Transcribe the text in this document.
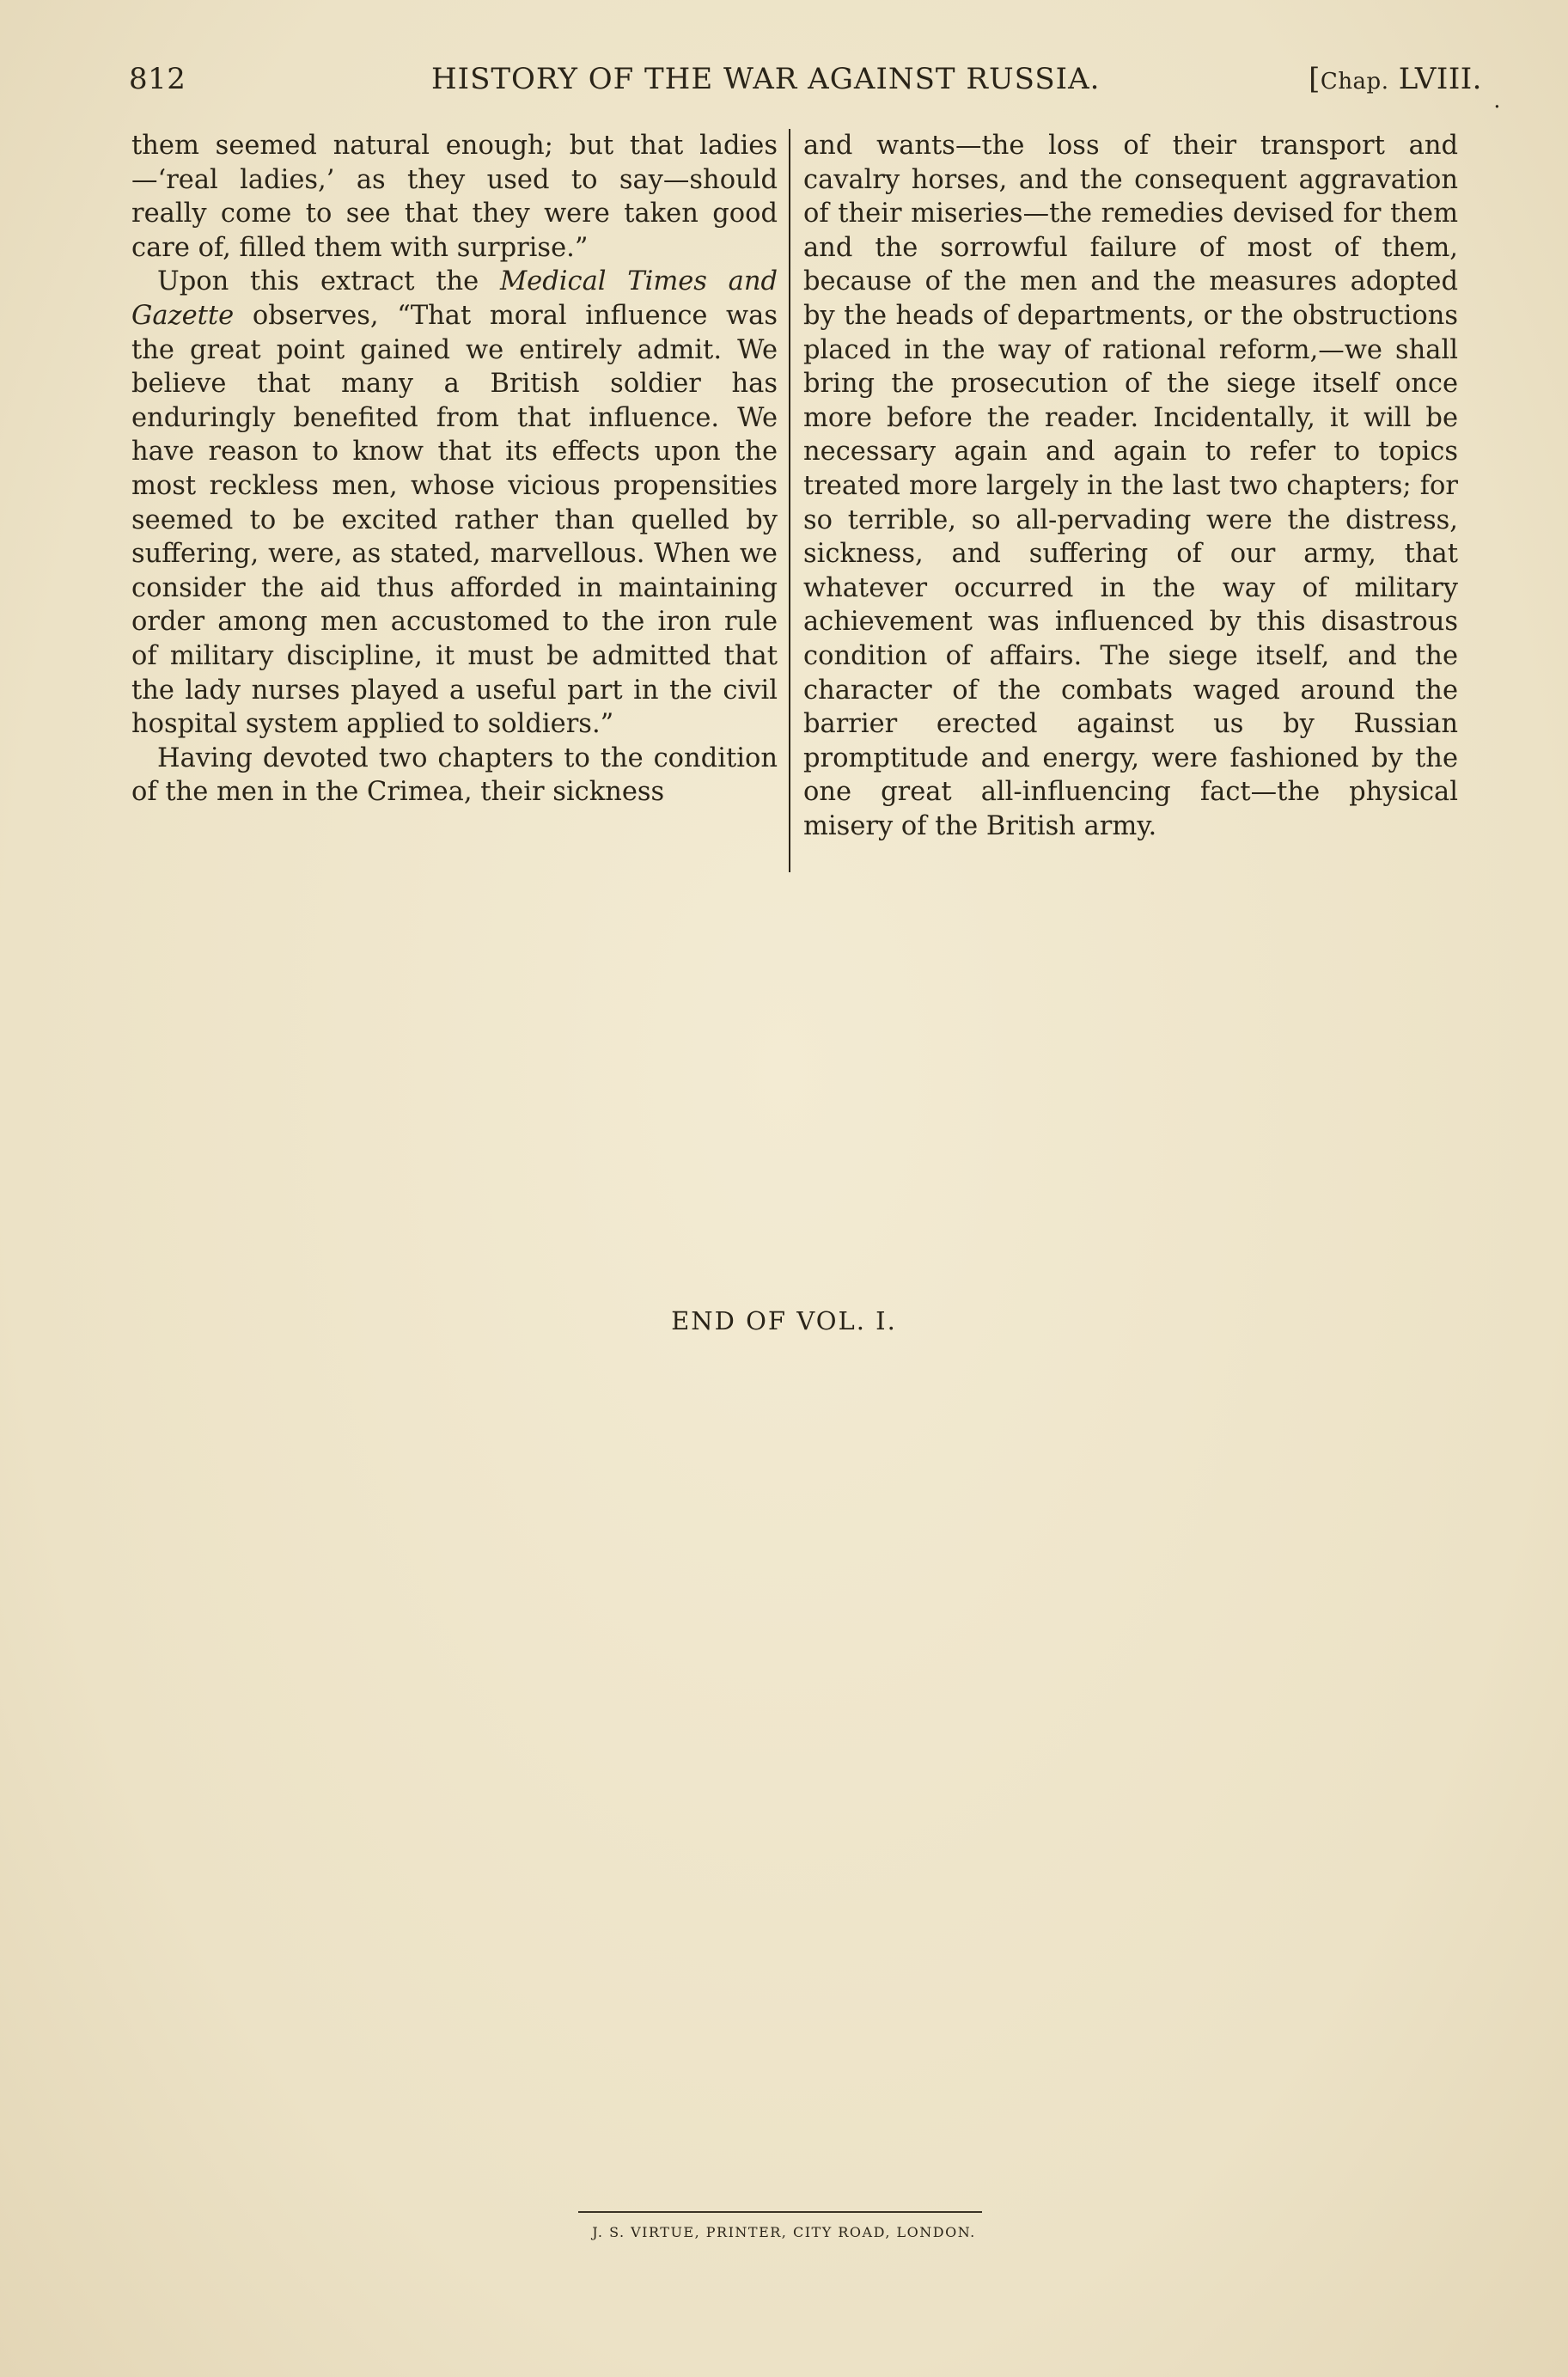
812	HISTORY OF THE WAR AGAINST RUSSIA.	[Chap. LVIII.
.

them seemed natural enough; but that ladies —‘real ladies,’ as they used to say—should really come to see that they were taken good care of, filled them with surprise.”

Upon this extract the Medical Times and Gazette observes, “That moral influence was the great point gained we entirely admit. We believe that many a British soldier has enduringly benefited from that influence. We have reason to know that its effects upon the most reckless men, whose vicious propensities seemed to be excited rather than quelled by suffering, were, as stated, marvellous. When we consider the aid thus afforded in maintaining order among men accustomed to the iron rule of military discipline, it must be admitted that the lady nurses played a useful part in the civil hospital system applied to soldiers.”

Having devoted two chapters to the condition of the men in the Crimea, their sickness

and wants—the loss of their transport and cavalry horses, and the consequent aggravation of their miseries—the remedies devised for them and the sorrowful failure of most of them, because of the men and the measures adopted by the heads of departments, or the obstructions placed in the way of rational reform,—we shall bring the prosecution of the siege itself once more before the reader. Incidentally, it will be necessary again and again to refer to topics treated more largely in the last two chapters; for so terrible, so all-pervading were the distress, sickness, and suffering of our army, that whatever occurred in the way of military achievement was influenced by this disastrous condition of affairs. The siege itself, and the character of the combats waged around the barrier erected against us by Russian promptitude and energy, were fashioned by the one great all-influencing fact—the physical misery of the British army.

END OF VOL. I.
J. S. VIRTUE, PRINTER, CITY ROAD, LONDON.
